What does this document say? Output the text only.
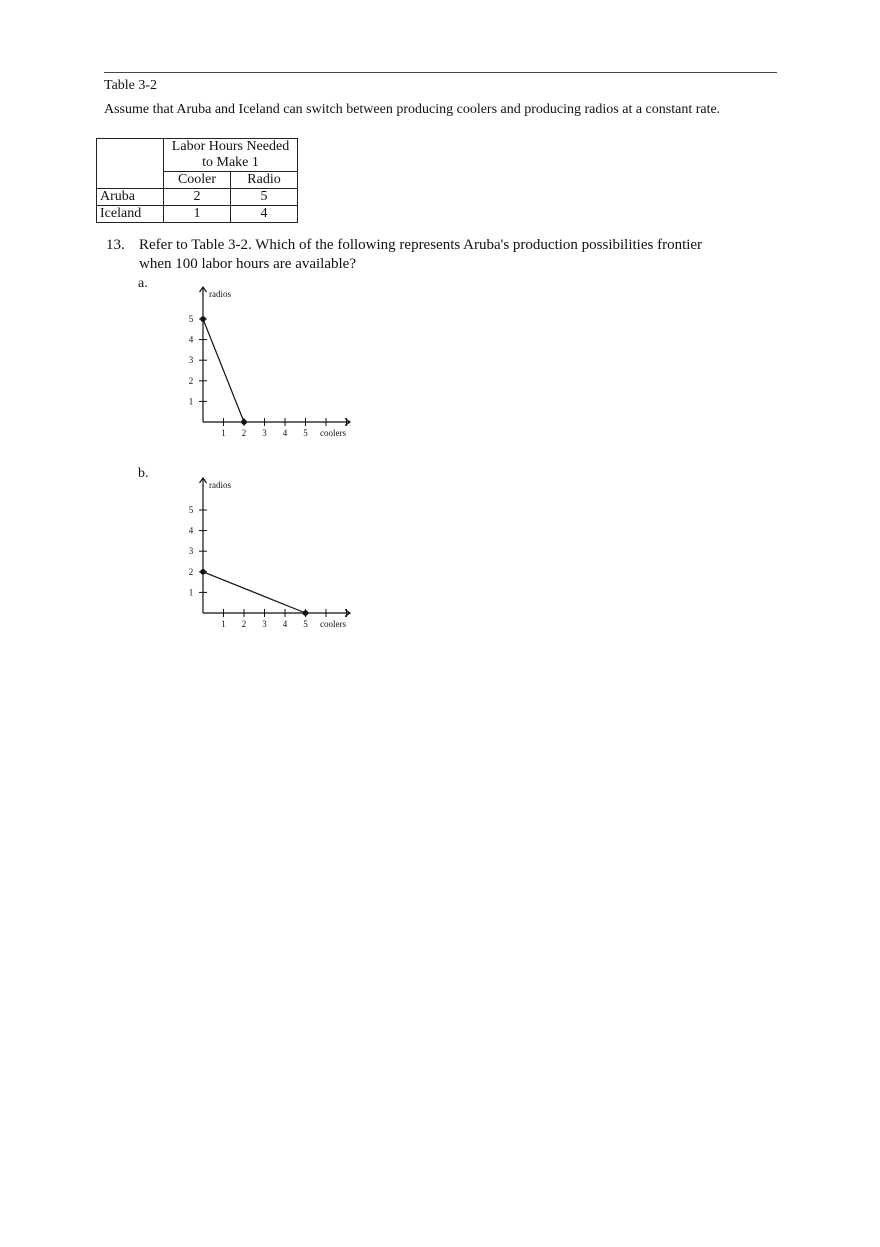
Table 3-2
Assume that Aruba and Iceland can switch between producing coolers and producing radios at a constant rate.

	Labor Hours Needed
to Make 1	

	Cooler	Radio
Aruba	2	5
Iceland	1	4
13. Refer to Table 3-2. Which of the following represents Aruba's production possibilities frontier
when 100 labor hours are available?
a.
1 2 3 4 5
1
2
3
4
5
coolers
radios
b.
1 2 3 4 5
1
2
3
4
5
coolers
radios
